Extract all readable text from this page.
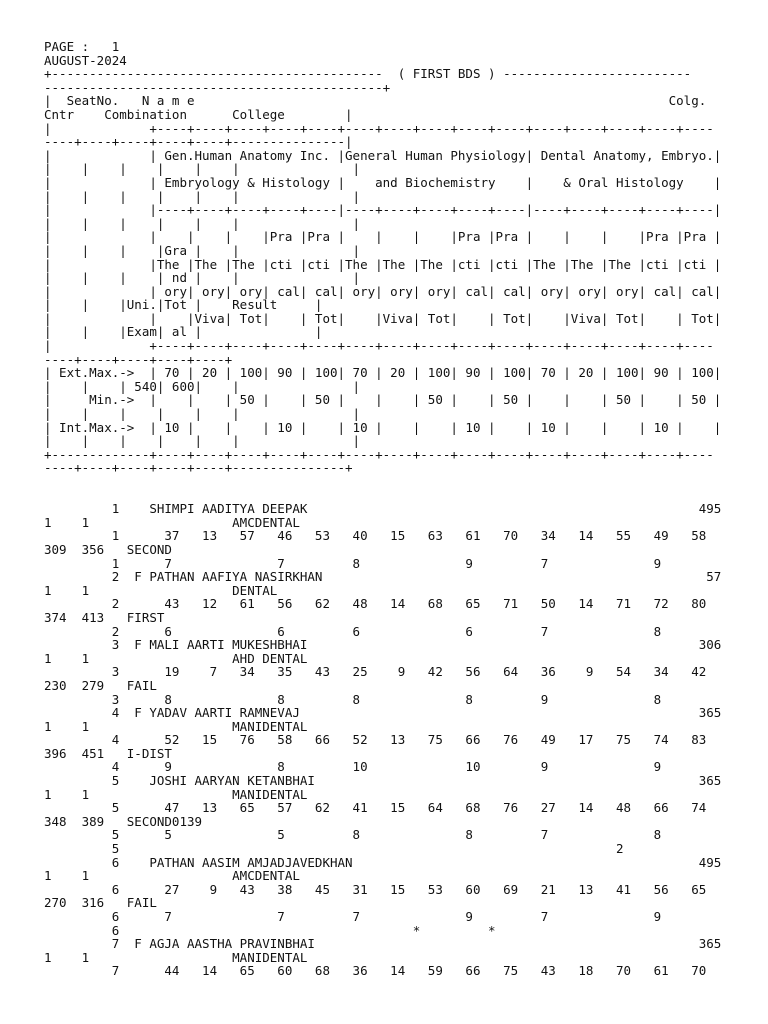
PAGE :   1
AUGUST-2024
+--------------------------------------------  ( FIRST BDS ) -------------------------
---------------------------------------------+
|  SeatNo.   N a m e                                                               Colg.
Cntr    Combination      College        |
|             +----+----+----+----+----+----+----+----+----+----+----+----+----+----+----
----+----+----+----+----+---------------|
|             | Gen.Human Anatomy Inc. |General Human Physiology| Dental Anatomy, Embryo.|
|    |    |    |    |    |               |
|             | Embryology & Histology |    and Biochemistry    |    & Oral Histology    |
|    |    |    |    |    |               |
|             |----+----+----+----+----|----+----+----+----+----|----+----+----+----+----|
|    |    |    |    |    |               |
|             |    |    |    |Pra |Pra |    |    |    |Pra |Pra |    |    |    |Pra |Pra |
|    |    |    |Gra |    |               |
|             |The |The |The |cti |cti |The |The |The |cti |cti |The |The |The |cti |cti |
|    |    |    | nd |    |               |
|             | ory| ory| ory| cal| cal| ory| ory| ory| cal| cal| ory| ory| ory| cal| cal|
|    |    |Uni.|Tot |    Result     |
|             |    |Viva| Tot|    | Tot|    |Viva| Tot|    | Tot|    |Viva| Tot|    | Tot|
|    |    |Exam| al |               |
|             +----+----+----+----+----+----+----+----+----+----+----+----+----+----+----
----+----+----+----+----+
| Ext.Max.->  | 70 | 20 | 100| 90 | 100| 70 | 20 | 100| 90 | 100| 70 | 20 | 100| 90 | 100|
|    |    | 540| 600|    |               |
|     Min.->  |    |    | 50 |    | 50 |    |    | 50 |    | 50 |    |    | 50 |    | 50 |
|    |    |    |    |    |               |
| Int.Max.->  | 10 |    |    | 10 |    | 10 |    |    | 10 |    | 10 |    |    | 10 |    |
|    |    |    |    |    |               |
+-------------+----+----+----+----+----+----+----+----+----+----+----+----+----+----+----
----+----+----+----+----+---------------+
1    SHIMPI AADITYA DEEPAK                                                    495
1    1                   AMCDENTAL
1      37   13   57   46   53   40   15   63   61   70   34   14   55   49   58
309  356   SECOND
1      7              7         8              9         7              9
2  F PATHAN AAFIYA NASIRKHAN                                                   57
1    1                   DENTAL
2      43   12   61   56   62   48   14   68   65   71   50   14   71   72   80
374  413   FIRST
2      6              6         6              6         7              8
3  F MALI AARTI MUKESHBHAI                                                    306
1    1                   AHD DENTAL
3      19    7   34   35   43   25    9   42   56   64   36    9   54   34   42
230  279   FAIL
3      8              8         8              8         9              8
4  F YADAV AARTI RAMNEVAJ                                                     365
1    1                   MANIDENTAL
4      52   15   76   58   66   52   13   75   66   76   49   17   75   74   83
396  451   I-DIST
4      9              8         10             10        9              9
5    JOSHI AARYAN KETANBHAI                                                   365
1    1                   MANIDENTAL
5      47   13   65   57   62   41   15   64   68   76   27   14   48   66   74
348  389   SECOND0139
5      5              5         8              8         7              8
5                                                                  2
6    PATHAN AASIM AMJADJAVEDKHAN                                              495
1    1                   AMCDENTAL
6      27    9   43   38   45   31   15   53   60   69   21   13   41   56   65
270  316   FAIL
6      7              7         7              9         7              9
6                                       *         *
7  F AGJA AASTHA PRAVINBHAI                                                   365
1    1                   MANIDENTAL
7      44   14   65   60   68   36   14   59   66   75   43   18   70   61   70
